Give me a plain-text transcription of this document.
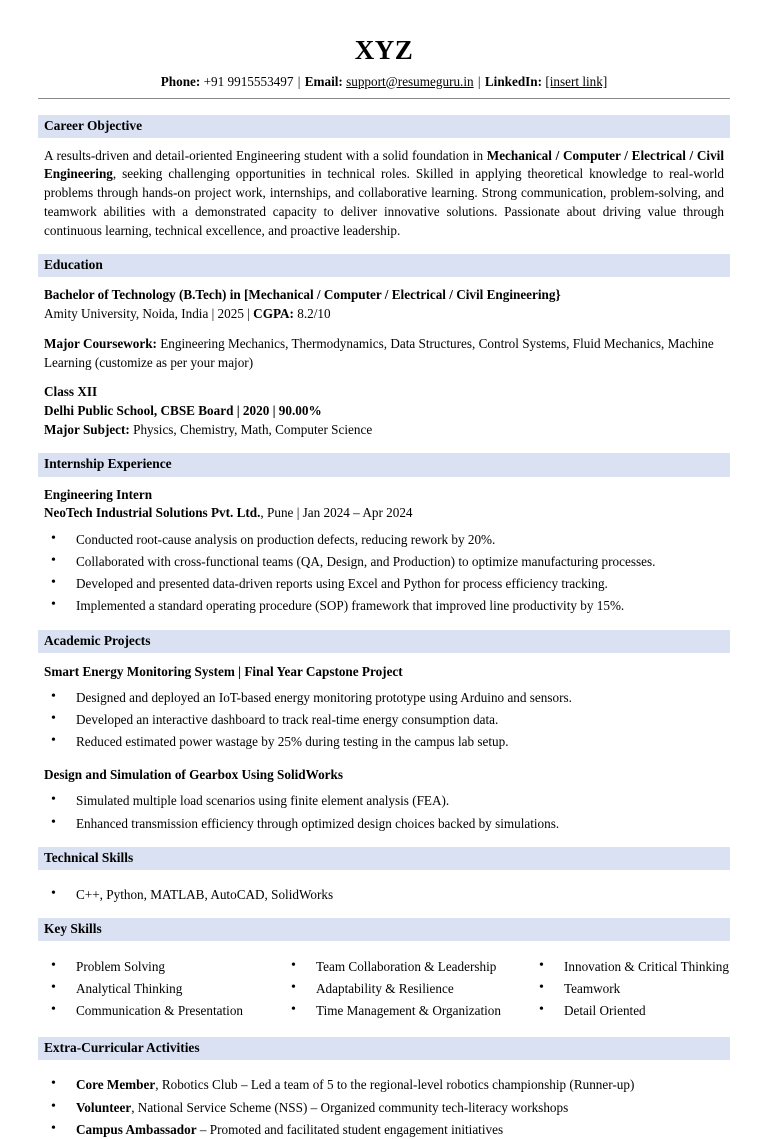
XYZ
Phone: +91 9915553497 | Email: support@resumeguru.in | LinkedIn: [insert link]
Career Objective

A results-driven and detail-oriented Engineering student with a solid foundation in Mechanical / Computer / Electrical / Civil Engineering, seeking challenging opportunities in technical roles. Skilled in applying theoretical knowledge to real-world problems through hands-on project work, internships, and collaborative learning. Strong communication, problem-solving, and teamwork abilities with a demonstrated capacity to deliver innovative solutions. Passionate about driving value through continuous learning, technical excellence, and proactive leadership.

Education

Bachelor of Technology (B.Tech) in [Mechanical / Computer / Electrical / Civil Engineering}

Amity University, Noida, India | 2025 | CGPA: 8.2/10

Major Coursework: Engineering Mechanics, Thermodynamics, Data Structures, Control Systems, Fluid Mechanics, Machine Learning (customize as per your major)

Class XII

Delhi Public School, CBSE Board | 2020 | 90.00%

Major Subject: Physics, Chemistry, Math, Computer Science

Internship Experience

Engineering Intern

NeoTech Industrial Solutions Pvt. Ltd., Pune | Jan 2024 – Apr 2024

• Conducted root-cause analysis on production defects, reducing rework by 20%.
• Collaborated with cross-functional teams (QA, Design, and Production) to optimize manufacturing processes.
• Developed and presented data-driven reports using Excel and Python for process efficiency tracking.
• Implemented a standard operating procedure (SOP) framework that improved line productivity by 15%.
Academic Projects

Smart Energy Monitoring System | Final Year Capstone Project

• Designed and deployed an IoT-based energy monitoring prototype using Arduino and sensors.
• Developed an interactive dashboard to track real-time energy consumption data.
• Reduced estimated power wastage by 25% during testing in the campus lab setup.

Design and Simulation of Gearbox Using SolidWorks

• Simulated multiple load scenarios using finite element analysis (FEA).
• Enhanced transmission efficiency through optimized design choices backed by simulations.
Technical Skills
• C++, Python, MATLAB, AutoCAD, SolidWorks
Key Skills
• Problem Solving
• Analytical Thinking
• Communication & Presentation
• Team Collaboration & Leadership
• Adaptability & Resilience
• Time Management & Organization
• Innovation & Critical Thinking
• Teamwork
• Detail Oriented
Extra-Curricular Activities
• Core Member, Robotics Club – Led a team of 5 to the regional-level robotics championship (Runner-up)
• Volunteer, National Service Scheme (NSS) – Organized community tech-literacy workshops
• Campus Ambassador – Promoted and facilitated student engagement initiatives
